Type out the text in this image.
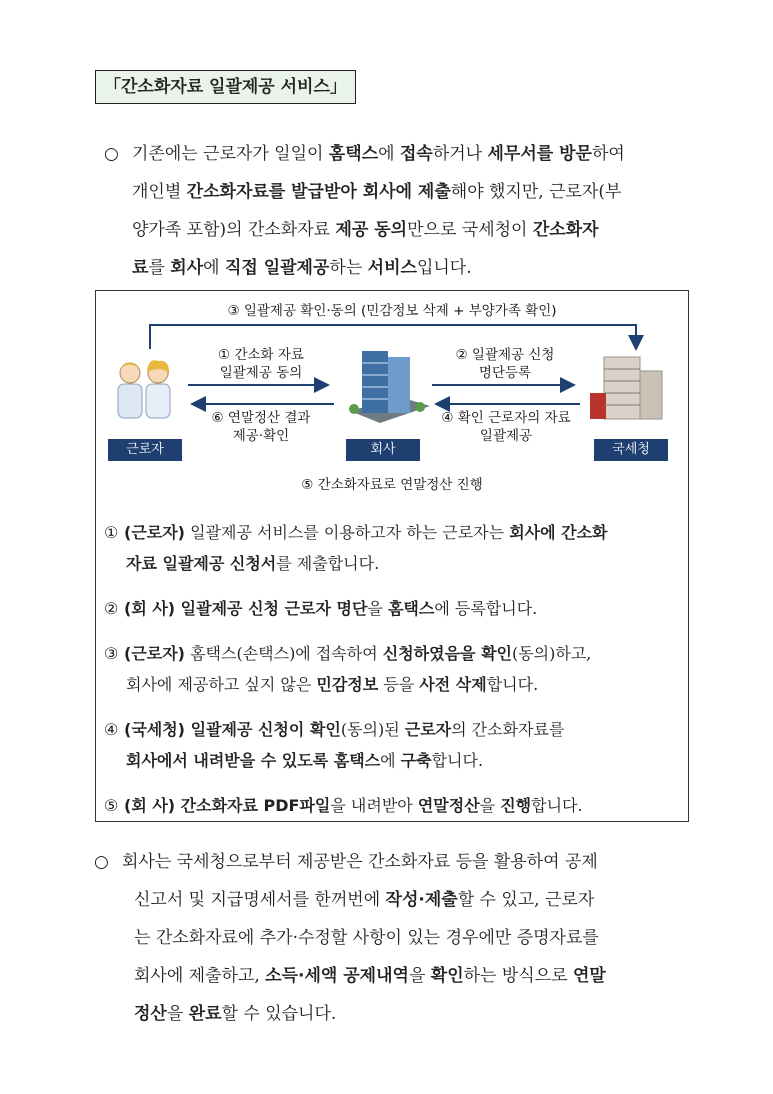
「간소화자료 일괄제공 서비스」
○ 기존에는 근로자가 일일이 홈택스에 접속하거나 세무서를 방문하여
개인별 간소화자료를 발급받아 회사에 제출해야 했지만, 근로자(부
양가족 포함)의 간소화자료 제공 동의만으로 국세청이 간소화자
료를 회사에 직접 일괄제공하는 서비스입니다.
③ 일괄제공 확인·동의 (민감정보 삭제 + 부양가족 확인)
① 간소화 자료
일괄제공 동의
⑥ 연말정산 결과
제공·확인
② 일괄제공 신청
명단등록
④ 확인 근로자의 자료
일괄제공
근로자	회사	국세청
⑤ 간소화자료로 연말정산 진행
① (근로자) 일괄제공 서비스를 이용하고자 하는 근로자는 회사에 간소화
자료 일괄제공 신청서를 제출합니다.
② (회 사) 일괄제공 신청 근로자 명단을 홈택스에 등록합니다.
③ (근로자) 홈택스(손택스)에 접속하여 신청하였음을 확인(동의)하고,
회사에 제공하고 싶지 않은 민감정보 등을 사전 삭제합니다.
④ (국세청) 일괄제공 신청이 확인(동의)된 근로자의 간소화자료를
회사에서 내려받을 수 있도록 홈택스에 구축합니다.
⑤ (회 사) 간소화자료 PDF파일을 내려받아 연말정산을 진행합니다.
○ 회사는 국세청으로부터 제공받은 간소화자료 등을 활용하여 공제
신고서 및 지급명세서를 한꺼번에 작성·제출할 수 있고, 근로자
는 간소화자료에 추가·수정할 사항이 있는 경우에만 증명자료를
회사에 제출하고, 소득·세액 공제내역을 확인하는 방식으로 연말
정산을 완료할 수 있습니다.
